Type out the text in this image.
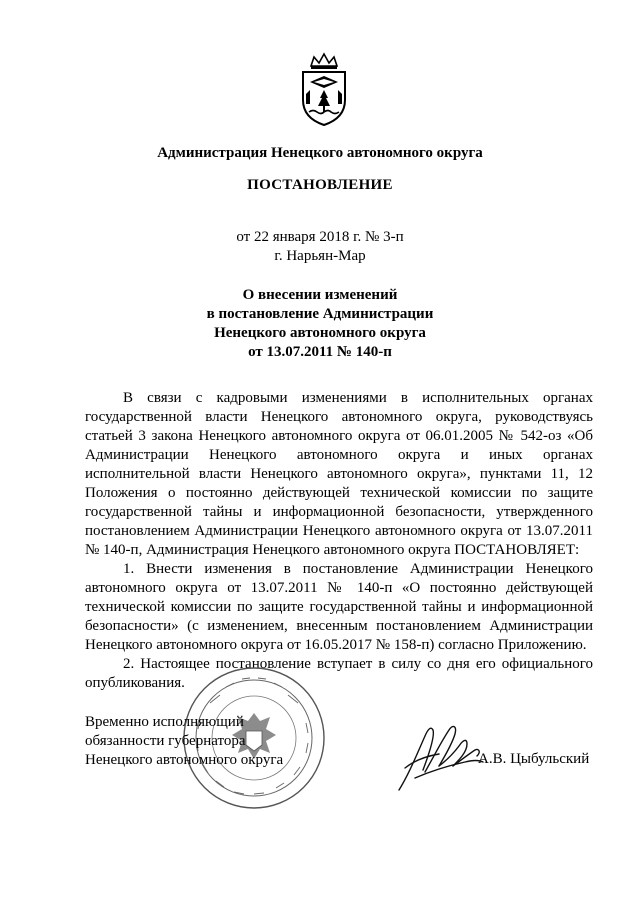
Администрация Ненецкого автономного округа
ПОСТАНОВЛЕНИЕ
от 22 января 2018 г. № 3-п
г. Нарьян-Мар
О внесении изменений
в постановление Администрации
Ненецкого автономного округа
от 13.07.2011 № 140-п

В связи с кадровыми изменениями в исполнительных органах государственной власти Ненецкого автономного округа, руководствуясь статьей 3 закона Ненецкого автономного округа от 06.01.2005 № 542-оз «Об Администрации Ненецкого автономного округа и иных органах исполнительной власти Ненецкого автономного округа», пунктами 11, 12 Положения о постоянно действующей технической комиссии по защите государственной тайны и информационной безопасности, утвержденного постановлением Администрации Ненецкого автономного округа от 13.07.2011 № 140-п, Администрация Ненецкого автономного округа ПОСТАНОВЛЯЕТ:

1. Внести изменения в постановление Администрации Ненецкого автономного округа от 13.07.2011 № 140-п «О постоянно действующей технической комиссии по защите государственной тайны и информационной безопасности» (с изменением, внесенным постановлением Администрации Ненецкого автономного округа от 16.05.2017 № 158-п) согласно Приложению.

2. Настоящее постановление вступает в силу со дня его официального опубликования.

Временно исполняющий
обязанности губернатора
Ненецкого автономного округа	А.В. Цыбульский
